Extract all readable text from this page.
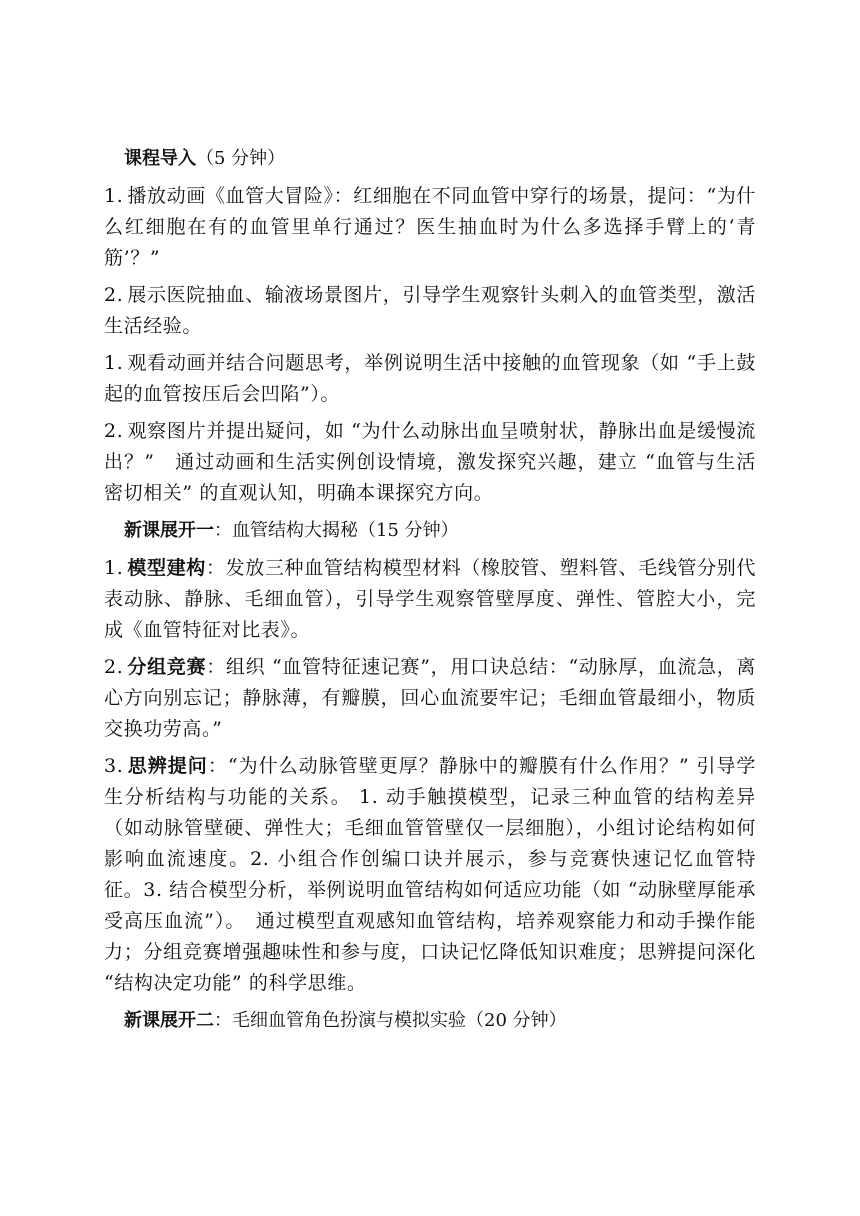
课程导入（5 分钟）

1. 播放动画《血管大冒险》：红细胞在不同血管中穿行的场景，提问：“为什么红细胞在有的血管里单行通过？医生抽血时为什么多选择手臂上的‘青筋’？”

2. 展示医院抽血、输液场景图片，引导学生观察针头刺入的血管类型，激活生活经验。

1. 观看动画并结合问题思考，举例说明生活中接触的血管现象（如 “手上鼓起的血管按压后会凹陷”）。

2. 观察图片并提出疑问，如 “为什么动脉出血呈喷射状，静脉出血是缓慢流出？”　通过动画和生活实例创设情境，激发探究兴趣，建立 “血管与生活密切相关” 的直观认知，明确本课探究方向。

新课展开一：血管结构大揭秘（15 分钟）

1. 模型建构：发放三种血管结构模型材料（橡胶管、塑料管、毛线管分别代表动脉、静脉、毛细血管），引导学生观察管壁厚度、弹性、管腔大小，完成《血管特征对比表》。

2. 分组竞赛：组织 “血管特征速记赛”，用口诀总结：“动脉厚，血流急，离心方向别忘记；静脉薄，有瓣膜，回心血流要牢记；毛细血管最细小，物质交换功劳高。”

3. 思辨提问：“为什么动脉管壁更厚？静脉中的瓣膜有什么作用？” 引导学生分析结构与功能的关系。 1. 动手触摸模型，记录三种血管的结构差异（如动脉管壁硬、弹性大；毛细血管管壁仅一层细胞），小组讨论结构如何影响血流速度。2. 小组合作创编口诀并展示，参与竞赛快速记忆血管特征。3. 结合模型分析，举例说明血管结构如何适应功能（如 “动脉壁厚能承受高压血流”）。　通过模型直观感知血管结构，培养观察能力和动手操作能力；分组竞赛增强趣味性和参与度，口诀记忆降低知识难度；思辨提问深化 “结构决定功能” 的科学思维。

新课展开二：毛细血管角色扮演与模拟实验（20 分钟）
